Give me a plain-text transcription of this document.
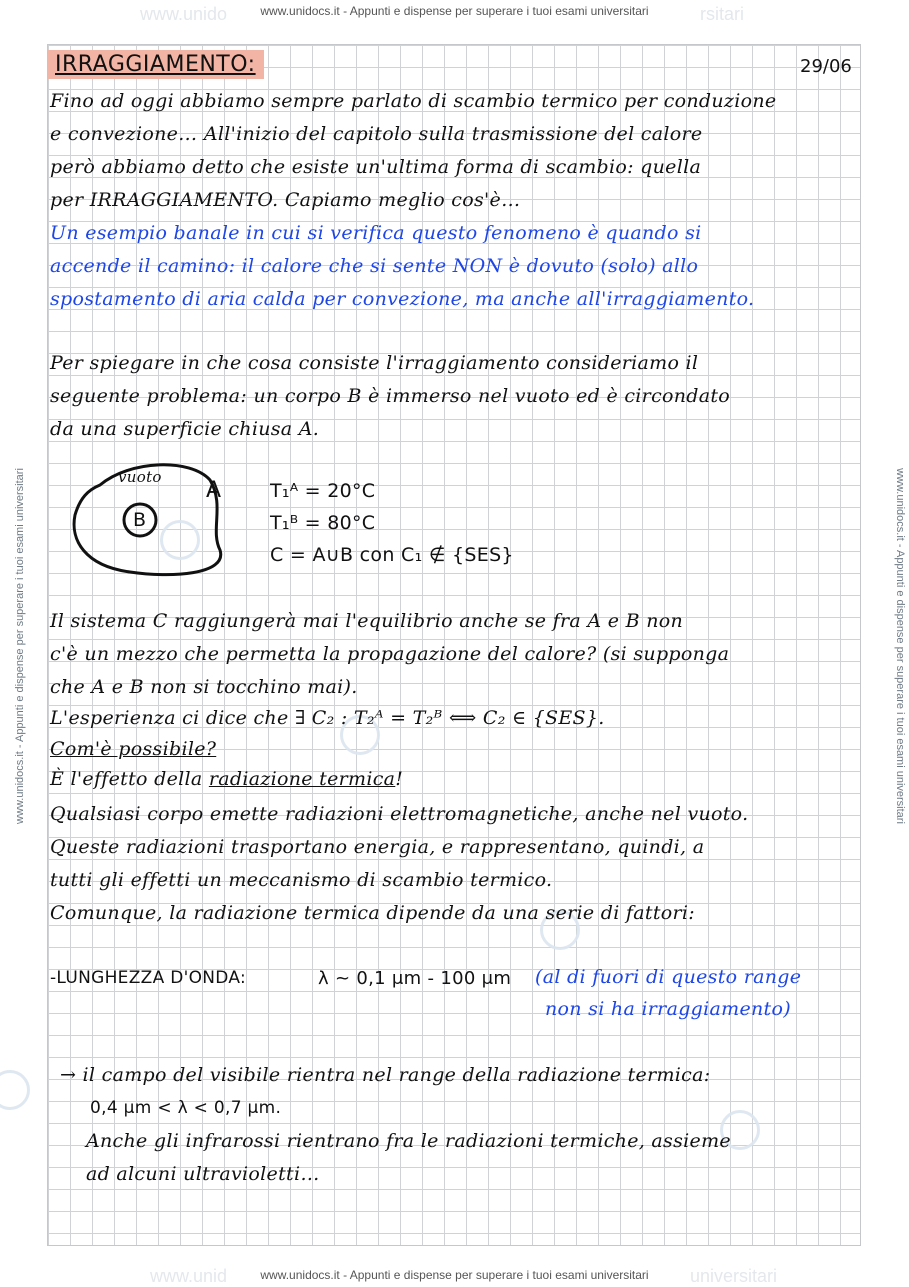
www.unidocs.it - Appunti e dispense per superare i tuoi esami universitari
www.unido	rsitari
www.unidocs.it - Appunti e dispense per superare i tuoi esami universitari	www.unidocs.it - Appunti e dispense per superare i tuoi esami universitari
IRRAGGIAMENTO:	29/06
Fino ad oggi abbiamo sempre parlato di scambio termico per conduzione
e convezione… All'inizio del capitolo sulla trasmissione del calore
però abbiamo detto che esiste un'ultima forma di scambio: quella
per IRRAGGIAMENTO. Capiamo meglio cos'è…
Un esempio banale in cui si verifica questo fenomeno è quando si
accende il camino: il calore che si sente NON è dovuto (solo) allo
spostamento di aria calda per convezione, ma anche all'irraggiamento.
Per spiegare in che cosa consiste l'irraggiamento consideriamo il
seguente problema: un corpo B è immerso nel vuoto ed è circondato
da una superficie chiusa A.
vuoto
B
A	T₁ᴬ = 20°C
T₁ᴮ = 80°C
C = A∪B con C₁ ∉ {SES}
Il sistema C raggiungerà mai l'equilibrio anche se fra A e B non
c'è un mezzo che permetta la propagazione del calore? (si supponga
che A e B non si tocchino mai).
L'esperienza ci dice che ∃ C₂ : T₂ᴬ = T₂ᴮ ⟺ C₂ ∈ {SES}.
Com'è possibile?
È l'effetto della radiazione termica!
Qualsiasi corpo emette radiazioni elettromagnetiche, anche nel vuoto.
Queste radiazioni trasportano energia, e rappresentano, quindi, a
tutti gli effetti un meccanismo di scambio termico.
Comunque, la radiazione termica dipende da una serie di fattori:
-LUNGHEZZA D'ONDA:	λ ~ 0,1 μm - 100 μm (al di fuori di questo range
non si ha irraggiamento)
→ il campo del visibile rientra nel range della radiazione termica:
0,4 μm < λ < 0,7 μm.
Anche gli infrarossi rientrano fra le radiazioni termiche, assieme
ad alcuni ultravioletti…
www.unid	universitari
www.unidocs.it - Appunti e dispense per superare i tuoi esami universitari
